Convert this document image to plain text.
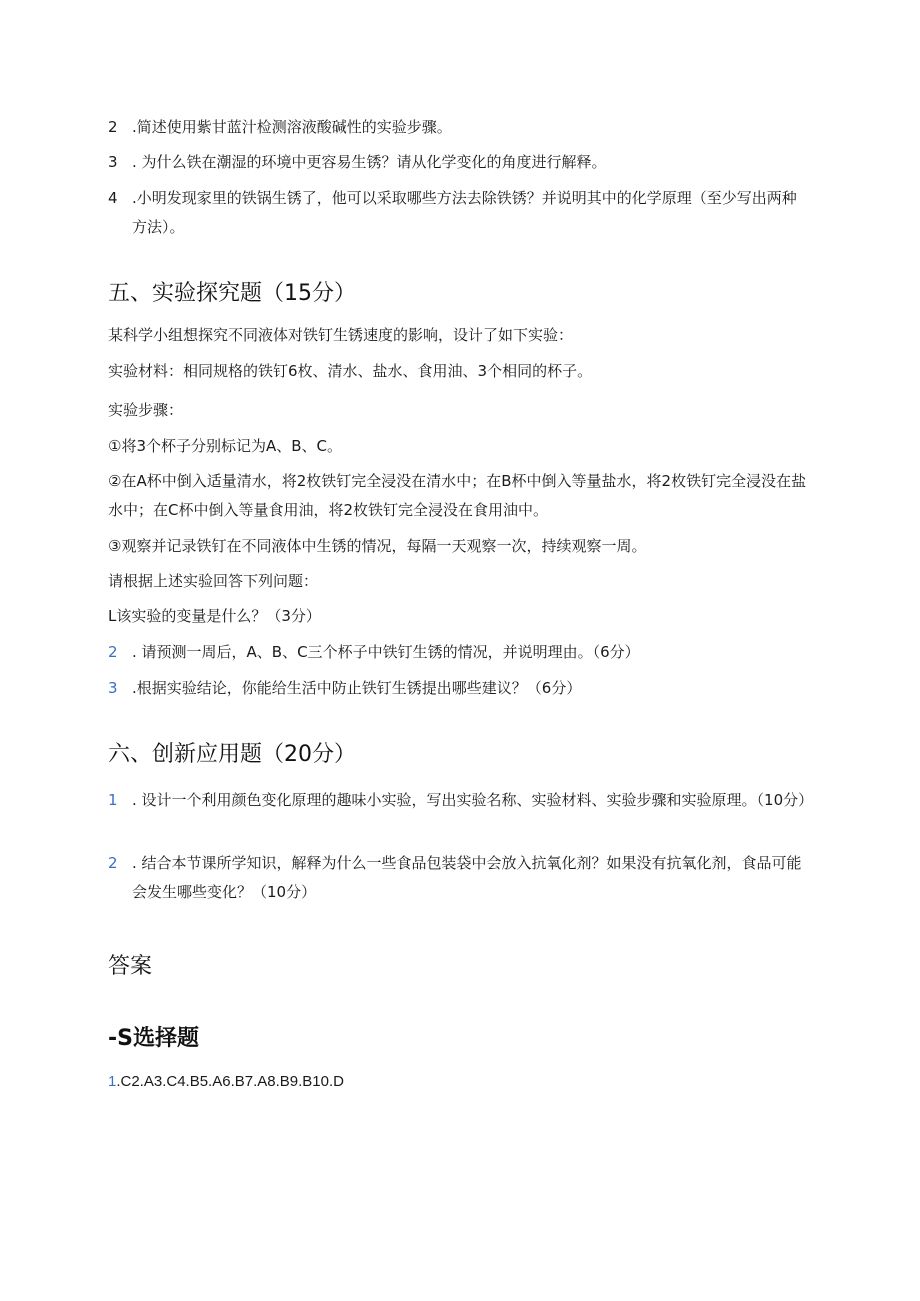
2 .简述使用紫甘蓝汁检测溶液酸碱性的实验步骤。
3 . 为什么铁在潮湿的环境中更容易生锈？请从化学变化的角度进行解释。
4 .小明发现家里的铁锅生锈了，他可以采取哪些方法去除铁锈？并说明其中的化学原理（至少写出两种方法）。
五、实验探究题（15分）
某科学小组想探究不同液体对铁钉生锈速度的影响，设计了如下实验：
实验材料：相同规格的铁钉6枚、清水、盐水、食用油、3个相同的杯子。
实验步骤：
①将3个杯子分别标记为A、B、C。
②在A杯中倒入适量清水，将2枚铁钉完全浸没在清水中；在B杯中倒入等量盐水，将2枚铁钉完全浸没在盐水中；在C杯中倒入等量食用油，将2枚铁钉完全浸没在食用油中。
③观察并记录铁钉在不同液体中生锈的情况，每隔一天观察一次，持续观察一周。
请根据上述实验回答下列问题：
L该实验的变量是什么？（3分）
2 . 请预测一周后，A、B、C三个杯子中铁钉生锈的情况，并说明理由。（6分）
3 .根据实验结论，你能给生活中防止铁钉生锈提出哪些建议？（6分）
六、创新应用题（20分）
1 . 设计一个利用颜色变化原理的趣味小实验，写出实验名称、实验材料、实验步骤和实验原理。（10分）
2 . 结合本节课所学知识，解释为什么一些食品包装袋中会放入抗氧化剂？如果没有抗氧化剂，食品可能会发生哪些变化？（10分）
答案
-S选择题
1.C2.A3.C4.B5.A6.B7.A8.B9.B10.D
